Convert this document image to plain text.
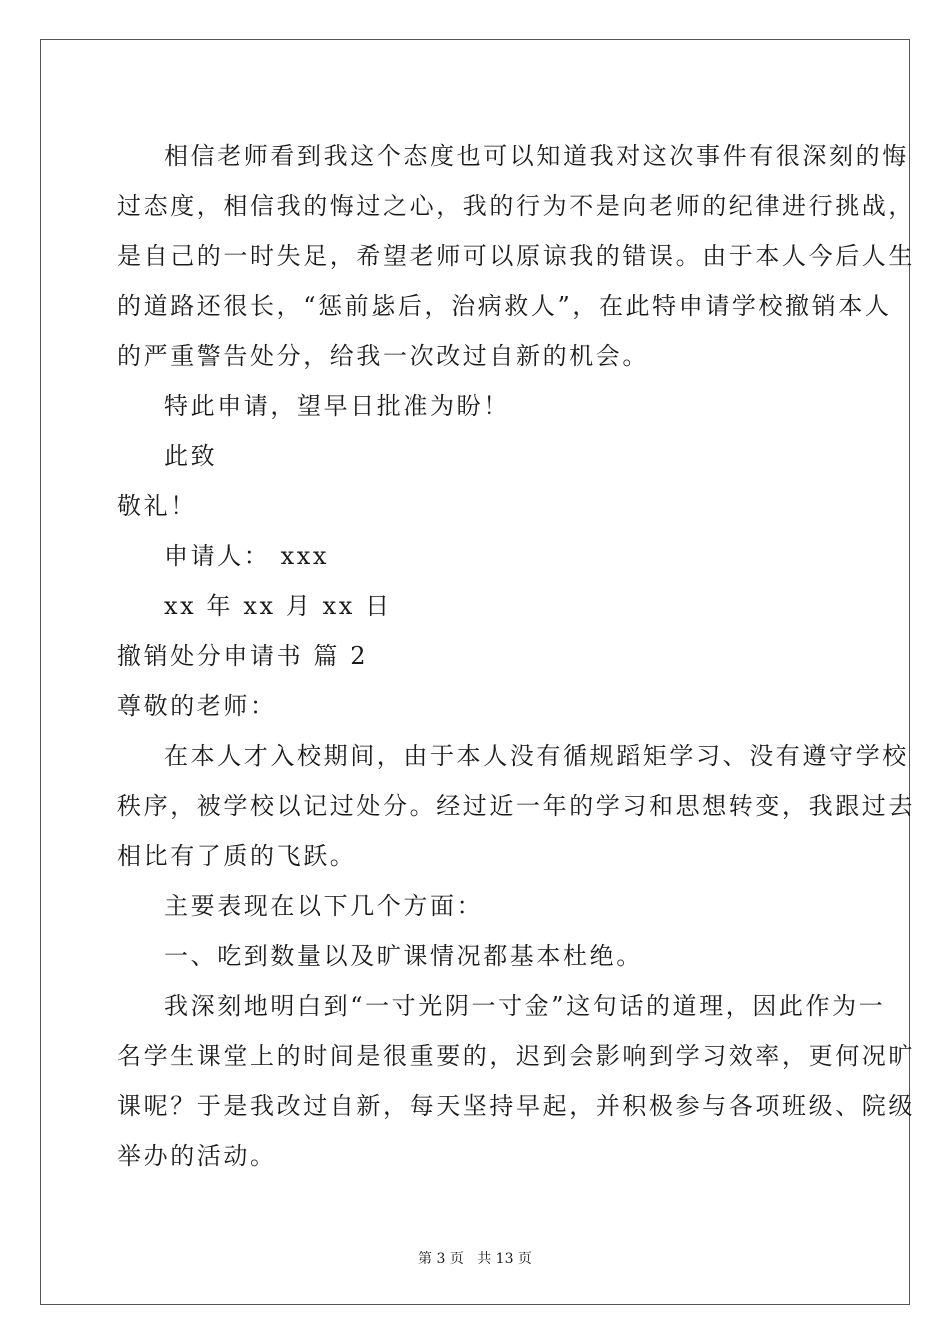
相信老师看到我这个态度也可以知道我对这次事件有很深刻的悔
过态度，相信我的悔过之心，我的行为不是向老师的纪律进行挑战，
是自己的一时失足，希望老师可以原谅我的错误。由于本人今后人生
的道路还很长，“惩前毖后，治病救人”，在此特申请学校撤销本人
的严重警告处分，给我一次改过自新的机会。
特此申请，望早日批准为盼！
此致
敬礼！
申请人： xxx
xx 年 xx 月 xx 日
撤销处分申请书 篇 2
尊敬的老师：
在本人才入校期间，由于本人没有循规蹈矩学习、没有遵守学校
秩序，被学校以记过处分。经过近一年的学习和思想转变，我跟过去
相比有了质的飞跃。
主要表现在以下几个方面：
一、吃到数量以及旷课情况都基本杜绝。
我深刻地明白到“一寸光阴一寸金”这句话的道理，因此作为一
名学生课堂上的时间是很重要的，迟到会影响到学习效率，更何况旷
课呢？于是我改过自新，每天坚持早起，并积极参与各项班级、院级
举办的活动。
第 3 页 共 13 页
